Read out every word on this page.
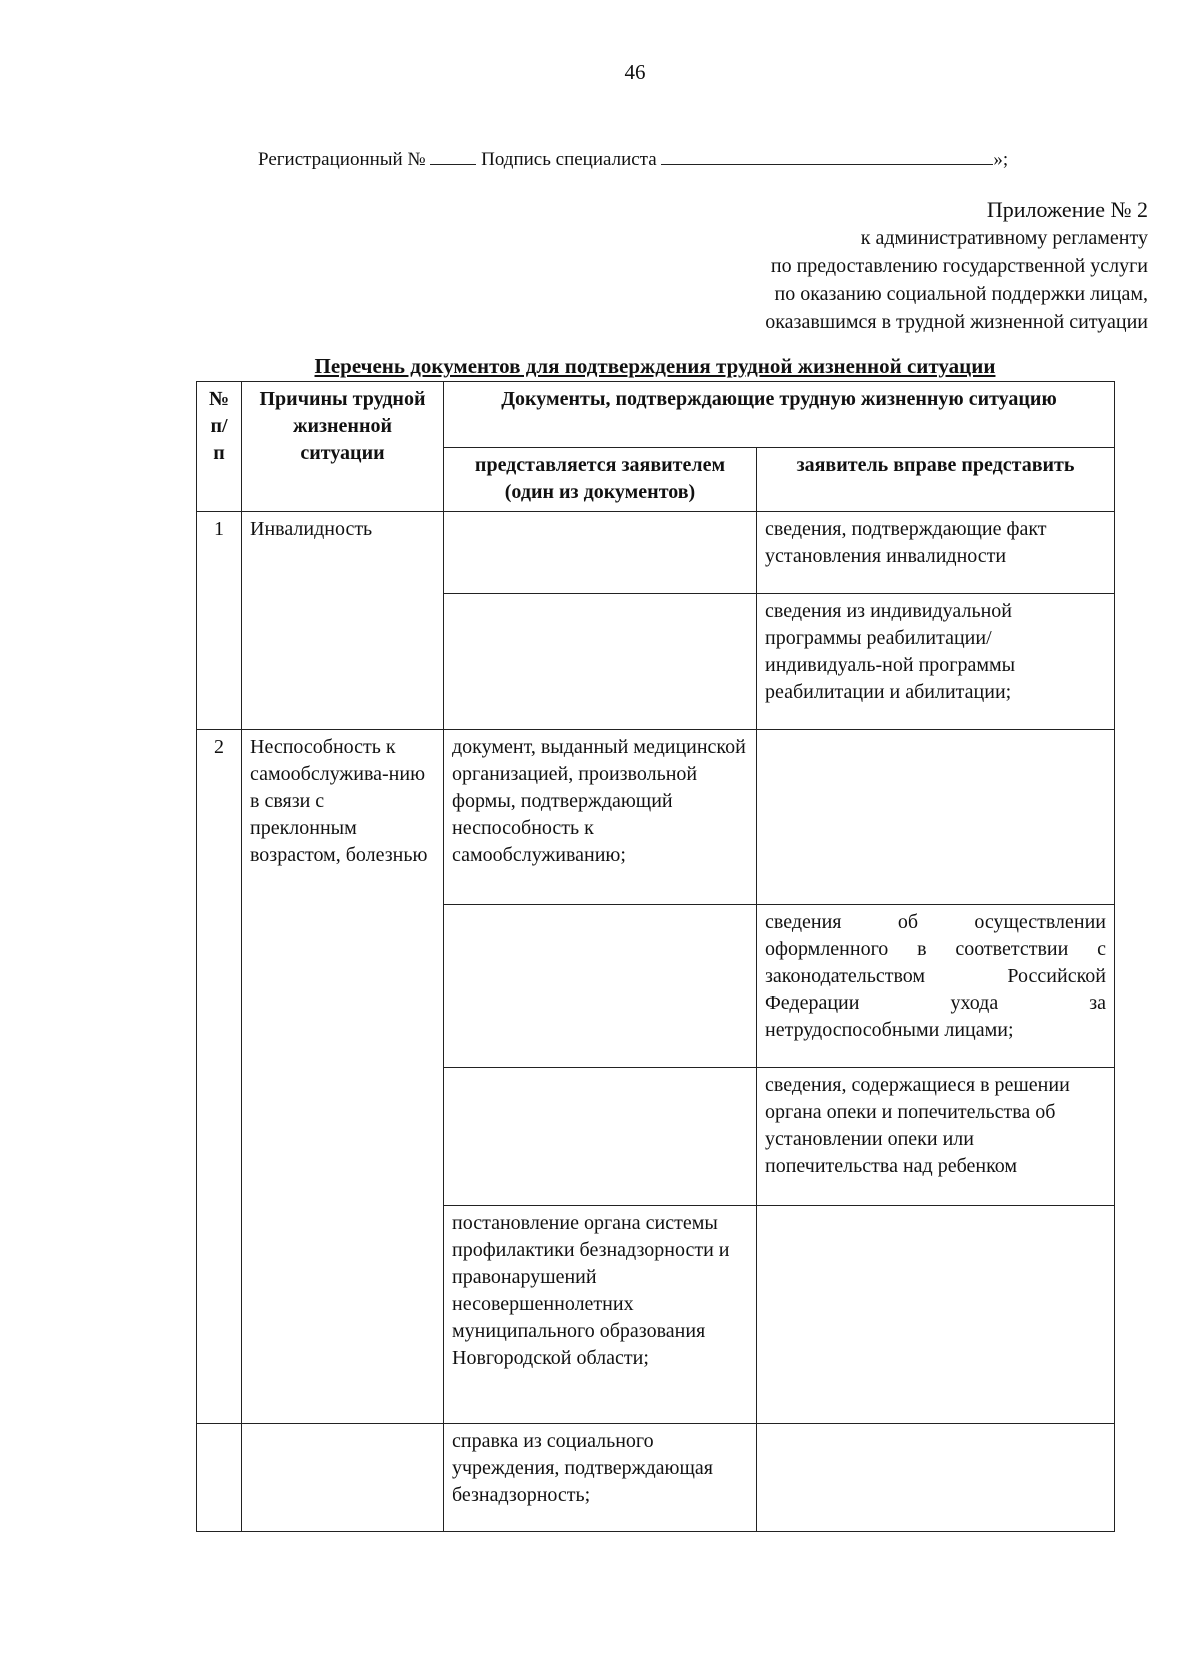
46
Регистрационный №	Подпись специалиста	»;
Приложение № 2
к административному регламенту
по предоставлению государственной услуги
по оказанию социальной поддержки лицам,
оказавшимся в трудной жизненной ситуации
Перечень документов для подтверждения трудной жизненной ситуации
№ п/ п	Причины трудной жизненной ситуации	Документы, подтверждающие трудную жизненную ситуацию	
		представляется заявителем (один из документов)	заявитель вправе представить
1	Инвалидность		сведения, подтверждающие факт установления инвалидности
			сведения из индивидуальной программы реабилитации/индивидуаль-ной программы реабилитации и абилитации;
2	Неспособность к самообслужива-нию в связи с преклонным возрастом, болезнью	документ, выданный медицинской организацией, произвольной формы, подтверждающий неспособность к самообслуживанию;	
			сведения об осуществлении оформленного в соответствии с законодательством Российской Федерации ухода за нетрудоспособными лицами;
			сведения, содержащиеся в решении органа опеки и попечительства об установлении опеки или попечительства над ребенком
		постановление органа системы профилактики безнадзорности и правонарушений несовершеннолетних муниципального образования Новгородской области;	
		справка из социального учреждения, подтверждающая безнадзорность;	
